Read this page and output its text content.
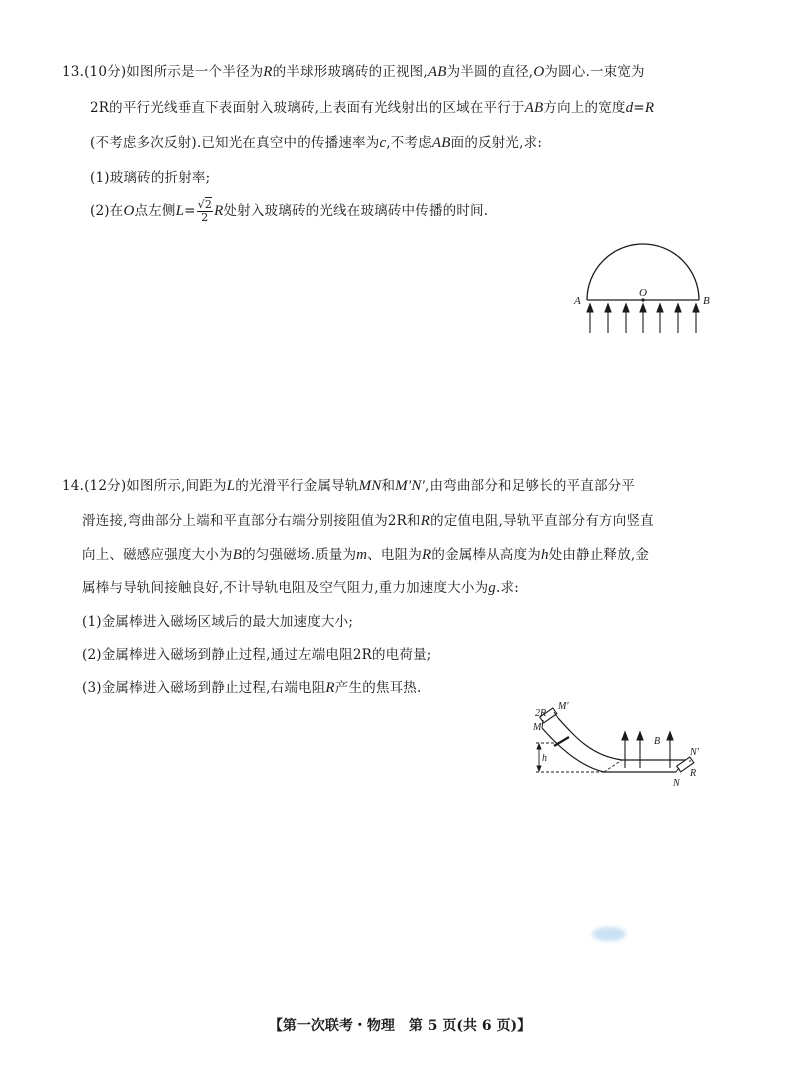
13.(10分)如图所示是一个半径为R的半球形玻璃砖的正视图,AB为半圆的直径,O为圆心.一束宽为
2R的平行光线垂直下表面射入玻璃砖,上表面有光线射出的区域在平行于AB方向上的宽度d=R
(不考虑多次反射).已知光在真空中的传播速率为c,不考虑AB面的反射光,求:
(1)玻璃砖的折射率;
(2)在O点左侧$L= \frac{√2}{2}$ R处射入玻璃砖的光线在玻璃砖中传播的时间.
A
O
B
14.(12分)如图所示,间距为L的光滑平行金属导轨MN和M′N′,由弯曲部分和足够长的平直部分平
滑连接,弯曲部分上端和平直部分右端分别接阻值为2R和R的定值电阻,导轨平直部分有方向竖直
向上、磁感应强度大小为B的匀强磁场.质量为m、电阻为R的金属棒从高度为h处由静止释放,金
属棒与导轨间接触良好,不计导轨电阻及空气阻力,重力加速度大小为g.求:
(1)金属棒进入磁场区域后的最大加速度大小;
(2)金属棒进入磁场到静止过程,通过左端电阻2R的电荷量;
(3)金属棒进入磁场到静止过程,右端电阻R产生的焦耳热.
2R
M′
M
h
B
N′
R
N
【第一次联考・物理　第 5 页(共 6 页)】
